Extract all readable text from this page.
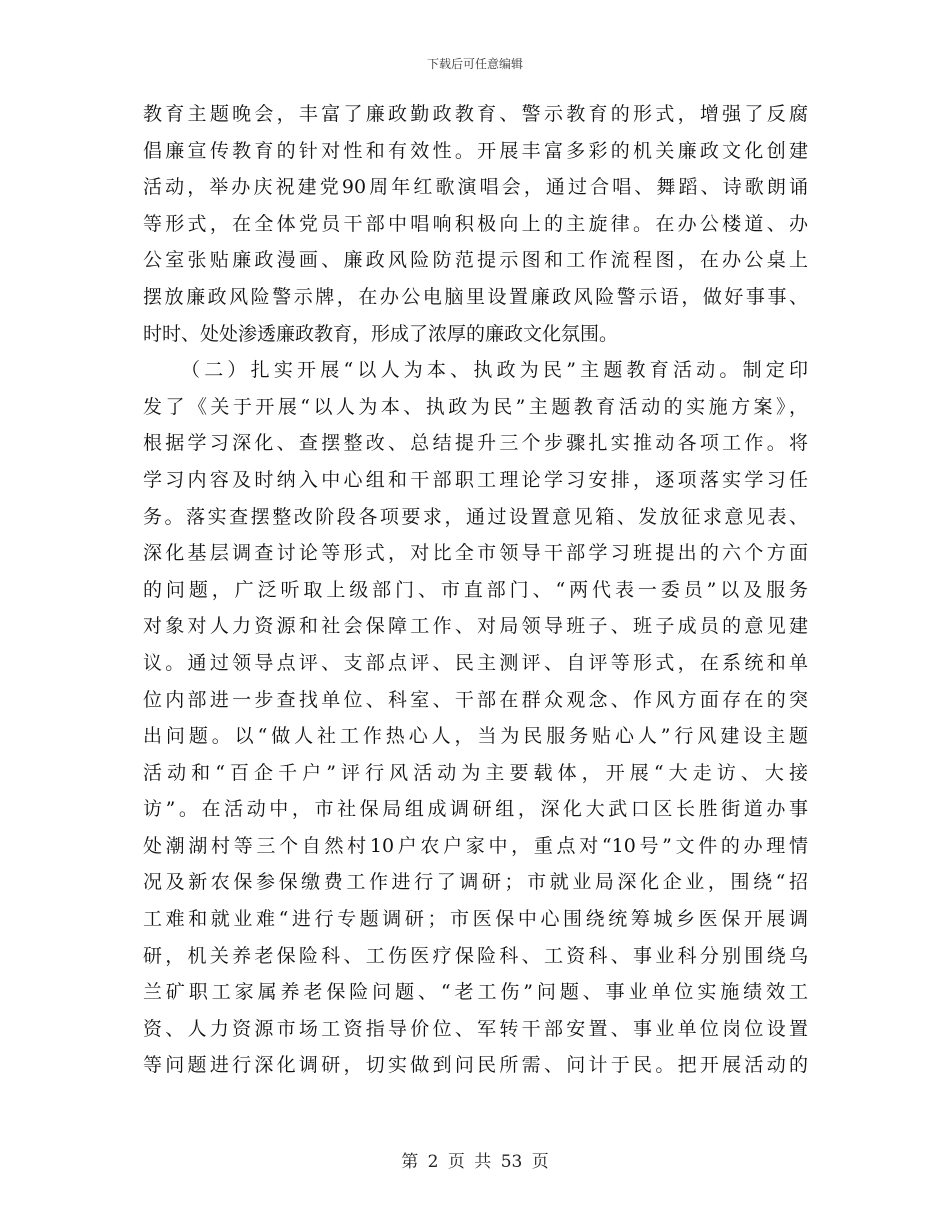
下载后可任意编辑
教育主题晚会，丰富了廉政勤政教育、警示教育的形式，增强了反腐
倡廉宣传教育的针对性和有效性。开展丰富多彩的机关廉政文化创建
活动，举办庆祝建党90周年红歌演唱会，通过合唱、舞蹈、诗歌朗诵
等形式，在全体党员干部中唱响积极向上的主旋律。在办公楼道、办
公室张贴廉政漫画、廉政风险防范提示图和工作流程图，在办公桌上
摆放廉政风险警示牌，在办公电脑里设置廉政风险警示语，做好事事、
时时、处处渗透廉政教育，形成了浓厚的廉政文化氛围。
（二）扎实开展“以人为本、执政为民”主题教育活动。制定印
发了《关于开展“以人为本、执政为民”主题教育活动的实施方案》，
根据学习深化、查摆整改、总结提升三个步骤扎实推动各项工作。将
学习内容及时纳入中心组和干部职工理论学习安排，逐项落实学习任
务。落实查摆整改阶段各项要求，通过设置意见箱、发放征求意见表、
深化基层调查讨论等形式，对比全市领导干部学习班提出的六个方面
的问题，广泛听取上级部门、市直部门、“两代表一委员”以及服务
对象对人力资源和社会保障工作、对局领导班子、班子成员的意见建
议。通过领导点评、支部点评、民主测评、自评等形式，在系统和单
位内部进一步查找单位、科室、干部在群众观念、作风方面存在的突
出问题。以“做人社工作热心人，当为民服务贴心人”行风建设主题
活动和“百企千户”评行风活动为主要载体，开展“大走访、大接
访”。在活动中，市社保局组成调研组，深化大武口区长胜街道办事
处潮湖村等三个自然村10户农户家中，重点对“10号”文件的办理情
况及新农保参保缴费工作进行了调研；市就业局深化企业，围绕“招
工难和就业难“进行专题调研；市医保中心围绕统筹城乡医保开展调
研，机关养老保险科、工伤医疗保险科、工资科、事业科分别围绕乌
兰矿职工家属养老保险问题、“老工伤”问题、事业单位实施绩效工
资、人力资源市场工资指导价位、军转干部安置、事业单位岗位设置
等问题进行深化调研，切实做到问民所需、问计于民。把开展活动的
第 2 页 共 53 页
